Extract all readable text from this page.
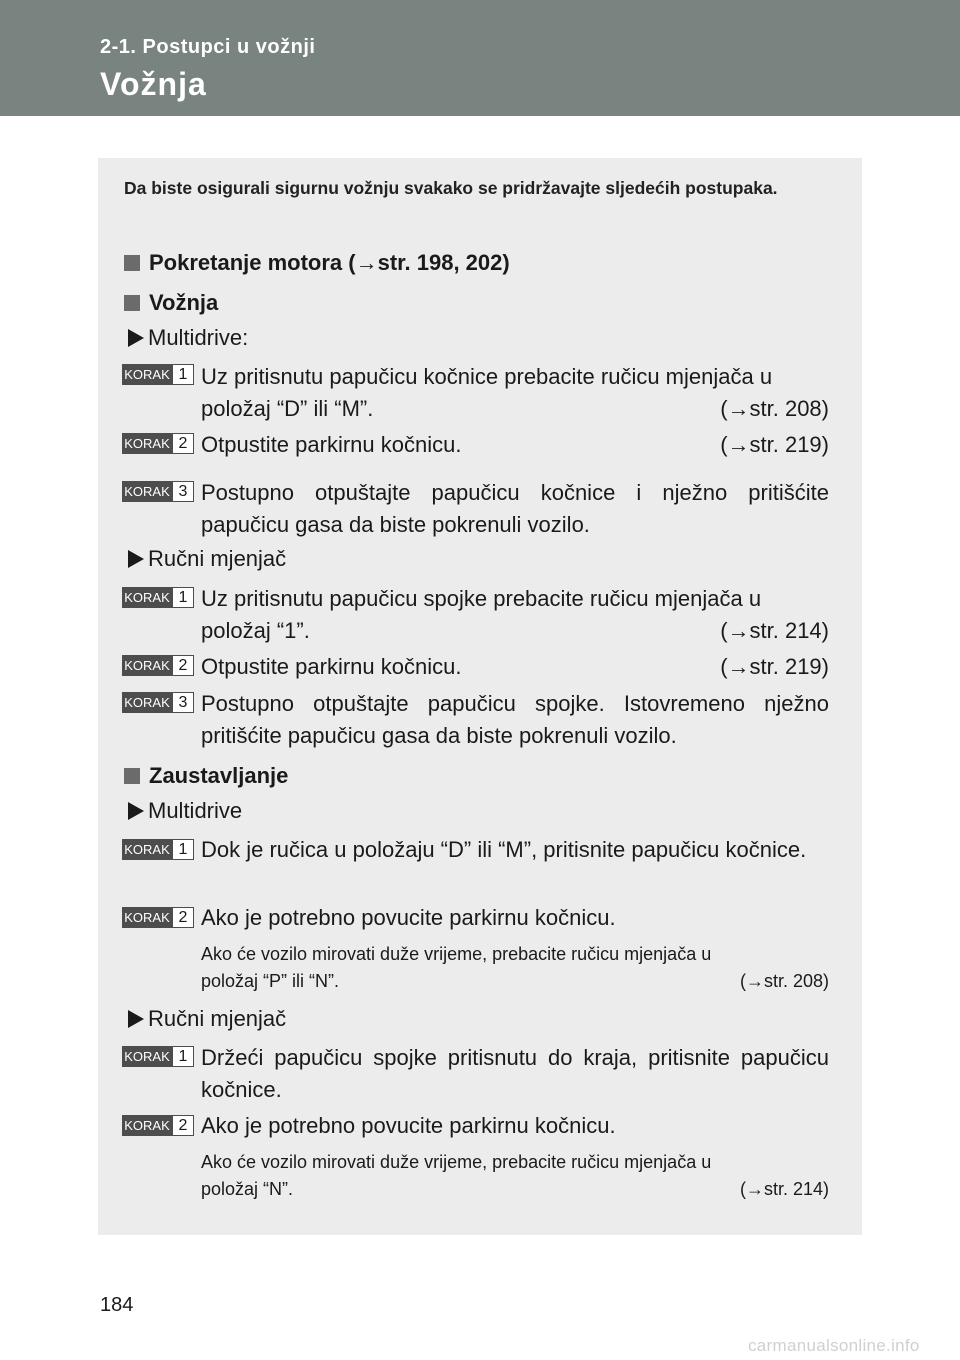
2-1. Postupci u vožnji
Vožnja
Da biste osigurali sigurnu vožnju svakako se pridržavajte sljedećih postupaka.
Pokretanje motora (→str. 198, 202)
Vožnja
Multidrive:
KORAK 1 Uz pritisnutu papučicu kočnice prebacite ručicu mjenjača u
položaj “D” ili “M”.	(→str. 208)
KORAK 2 Otpustite parkirnu kočnicu.	(→str. 219)
KORAK 3 Postupno otpuštajte papučicu kočnice i nježno pritišćite papučicu gasa da biste pokrenuli vozilo.
Ručni mjenjač
KORAK 1 Uz pritisnutu papučicu spojke prebacite ručicu mjenjača u
položaj “1”.	(→str. 214)
KORAK 2 Otpustite parkirnu kočnicu.	(→str. 219)
KORAK 3 Postupno otpuštajte papučicu spojke. Istovremeno nježno pritišćite papučicu gasa da biste pokrenuli vozilo.
Zaustavljanje
Multidrive
KORAK 1 Dok je ručica u položaju “D” ili “M”, pritisnite papučicu kočnice.
KORAK 2 Ako je potrebno povucite parkirnu kočnicu.
Ako će vozilo mirovati duže vrijeme, prebacite ručicu mjenjača u
položaj “P” ili “N”.	(→str. 208)
Ručni mjenjač
KORAK 1 Držeći papučicu spojke pritisnutu do kraja, pritisnite papučicu kočnice.
KORAK 2 Ako je potrebno povucite parkirnu kočnicu.
Ako će vozilo mirovati duže vrijeme, prebacite ručicu mjenjača u
položaj “N”.	(→str. 214)
184
carmanualsonline.info
